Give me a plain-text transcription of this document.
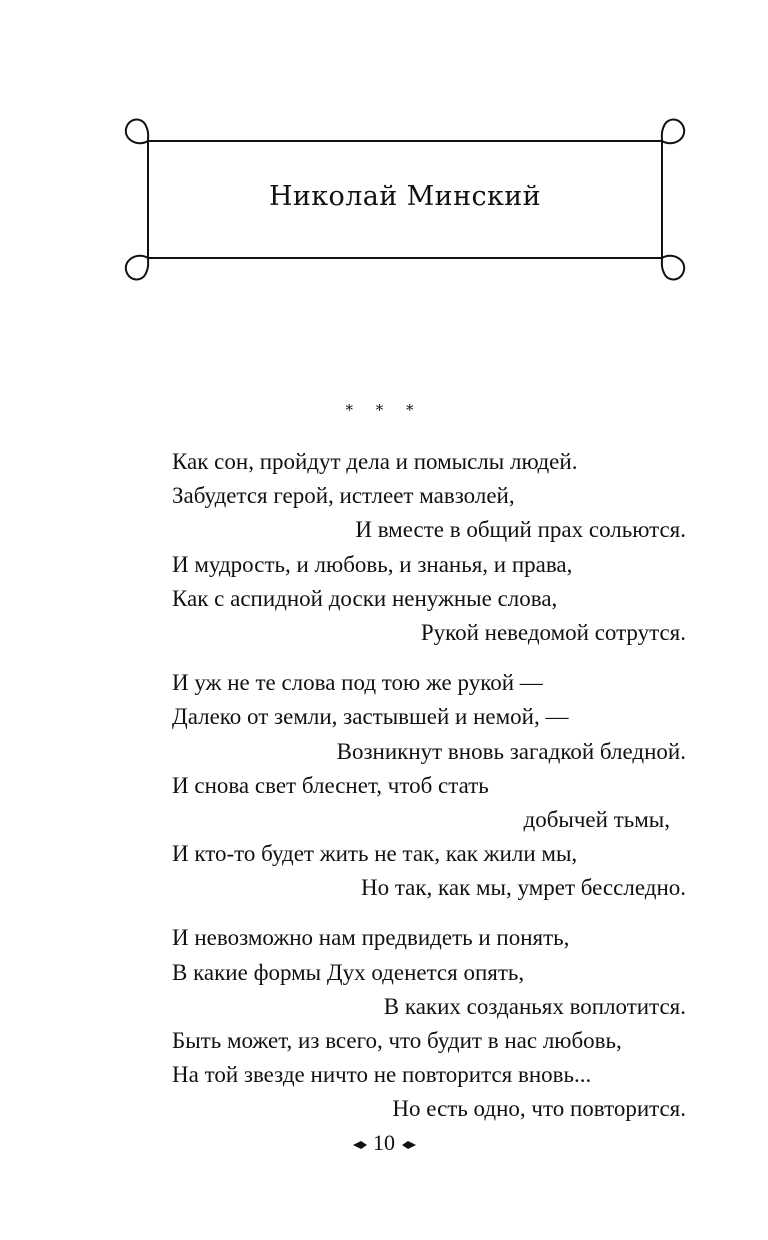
Николай Минский
* * *
Как сон, пройдут дела и помыслы людей.
Забудется герой, истлеет мавзолей,
И вместе в общий прах сольются.
И мудрость, и любовь, и знанья, и права,
Как с аспидной доски ненужные слова,
Рукой неведомой сотрутся.
И уж не те слова под тою же рукой —
Далеко от земли, застывшей и немой, —
Возникнут вновь загадкой бледной.
И снова свет блеснет, чтоб стать
добычей тьмы,
И кто-то будет жить не так, как жили мы,
Но так, как мы, умрет бесследно.
И невозможно нам предвидеть и понять,
В какие формы Дух оденется опять,
В каких созданьях воплотится.
Быть может, из всего, что будит в нас любовь,
На той звезде ничто не повторится вновь...
Но есть одно, что повторится.
10
